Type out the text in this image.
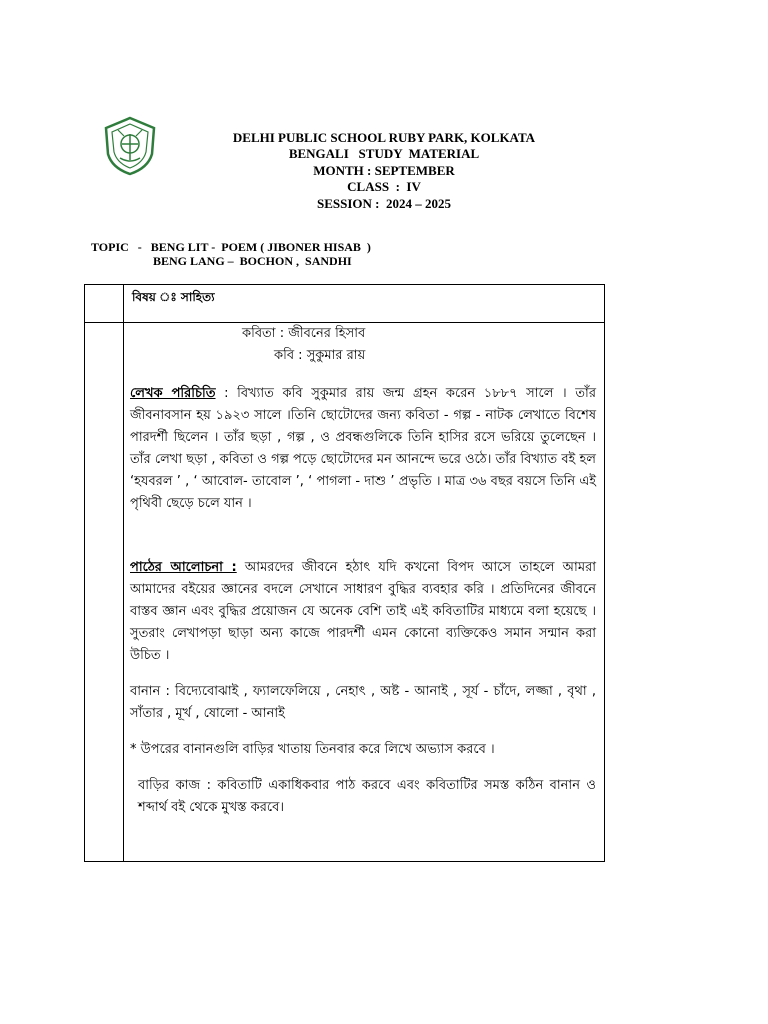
DELHI PUBLIC SCHOOL RUBY PARK, KOLKATA
BENGALI   STUDY  MATERIAL
MONTH : SEPTEMBER
CLASS  :  IV
SESSION :  2024 – 2025
TOPIC   -   BENG LIT -  POEM ( JIBONER HISAB  )
BENG LANG –  BOCHON ,  SANDHI
বিষয় ঃ সাহিত্য
কবিতা : জীবনের হিসাব
কবি : সুকুমার রায়

লেখক পরিচিতি : বিখ্যাত কবি সুকুমার রায় জন্ম গ্রহন করেন ১৮৮৭ সালে । তাঁর জীবনাবসান হয় ১৯২৩ সালে ।তিনি ছোটোদের জন্য কবিতা - গল্প - নাটক লেখাতে বিশেষ পারদর্শী ছিলেন । তাঁর ছড়া , গল্প , ও প্রবন্ধগুলিকে তিনি হাসির রসে ভরিয়ে তুলেছেন । তাঁর লেখা ছড়া , কবিতা ও গল্প পড়ে ছোটোদের মন আনন্দে ভরে ওঠে। তাঁর বিখ্যাত বই হল ‘হযবরল ’ , ‘ আবোল- তাবোল ’, ‘ পাগলা - দাশু ’ প্রভৃতি । মাত্র ৩৬ বছর বয়সে তিনি এই পৃথিবী ছেড়ে চলে যান ।

পাঠের আলোচনা : আমরদের জীবনে হঠাৎ যদি কখনো বিপদ আসে তাহলে আমরা আমাদের বইয়ের জ্ঞানের বদলে সেখানে সাধারণ বুদ্ধির ব্যবহার করি । প্রতিদিনের জীবনে বাস্তব জ্ঞান এবং বুদ্ধির প্রয়োজন যে অনেক বেশি তাই এই কবিতাটির মাধ্যমে বলা হয়েছে । সুতরাং লেখাপড়া ছাড়া অন্য কাজে পারদর্শী এমন কোনো ব্যক্তিকেও সমান সন্মান করা উচিত ।

বানান : বিদ্যেবোঝাই , ফ্যালফেলিয়ে , নেহাৎ , অষ্ট - আনাই , সূর্য - চাঁদে, লজ্জা , বৃথা , সাঁতার , মূর্খ , ষোলো - আনাই

* উপরের বানানগুলি বাড়ির খাতায় তিনবার করে লিখে অভ্যাস করবে ।

বাড়ির কাজ : কবিতাটি একাধিকবার পাঠ করবে এবং কবিতাটির সমস্ত কঠিন বানান ও শব্দার্থ বই থেকে মুখস্ত করবে।
